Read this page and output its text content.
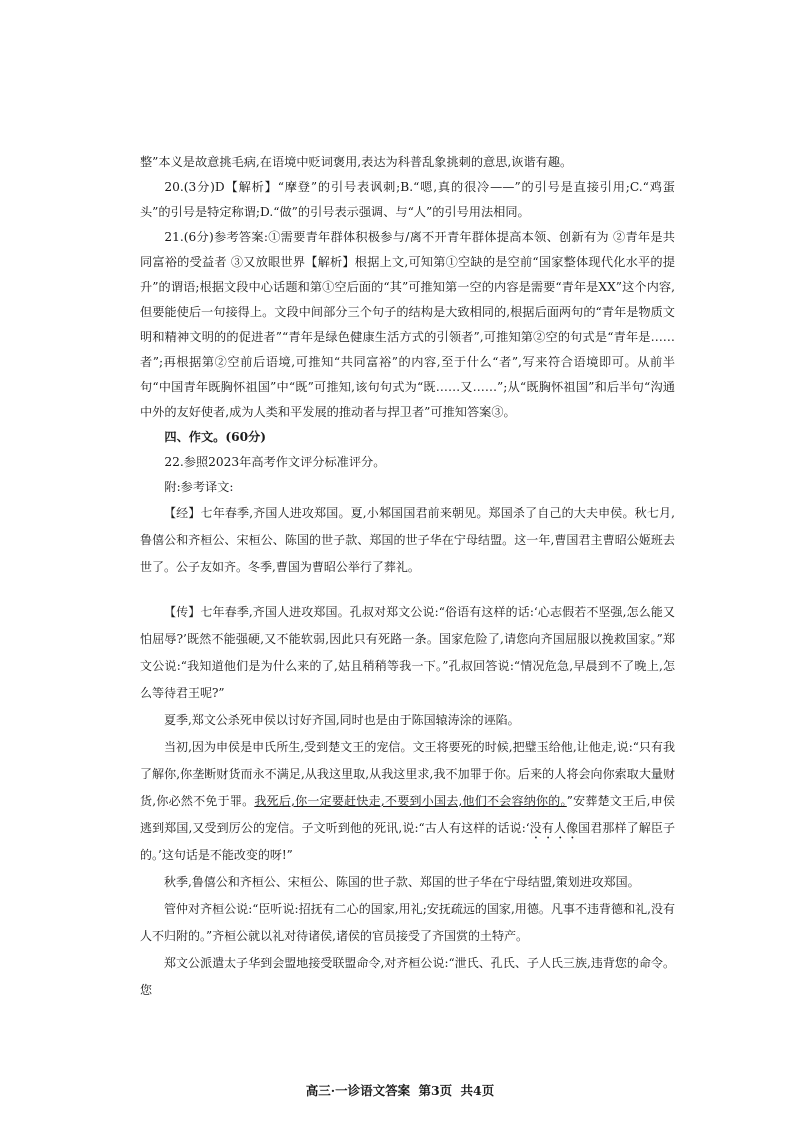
整”本义是故意挑毛病,在语境中贬词褒用,表达为科普乱象挑刺的意思,诙谐有趣。

20.(3分)D【解析】“摩登”的引号表讽刺;B.“嗯,真的很冷——”的引号是直接引用;C.“鸡蛋头”的引号是特定称谓;D.“做”的引号表示强调、与“人”的引号用法相同。

21.(6分)参考答案:①需要青年群体积极参与/离不开青年群体提高本领、创新有为 ②青年是共同富裕的受益者 ③又放眼世界【解析】根据上文,可知第①空缺的是空前“国家整体现代化水平的提升”的谓语;根据文段中心话题和第①空后面的“其”可推知第一空的内容是需要“青年是XX”这个内容,但要能使后一句接得上。文段中间部分三个句子的结构是大致相同的,根据后面两句的“青年是物质文明和精神文明的的促进者”“青年是绿色健康生活方式的引领者”,可推知第②空的句式是“青年是……者”;再根据第②空前后语境,可推知“共同富裕”的内容,至于什么“者”,写来符合语境即可。从前半句“中国青年既胸怀祖国”中“既”可推知,该句句式为“既……又……”;从“既胸怀祖国”和后半句“沟通中外的友好使者,成为人类和平发展的推动者与捍卫者”可推知答案③。

四、作文。(60分)

22.参照2023年高考作文评分标准评分。

附:参考译文:

【经】七年春季,齐国人进攻郑国。夏,小邾国国君前来朝见。郑国杀了自己的大夫申侯。秋七月,鲁僖公和齐桓公、宋桓公、陈国的世子款、郑国的世子华在宁母结盟。这一年,曹国君主曹昭公姬班去世了。公子友如齐。冬季,曹国为曹昭公举行了葬礼。

【传】七年春季,齐国人进攻郑国。孔叔对郑文公说:“俗语有这样的话:‘心志假若不坚强,怎么能又怕屈辱?’既然不能强硬,又不能软弱,因此只有死路一条。国家危险了,请您向齐国屈服以挽救国家。”郑文公说:“我知道他们是为什么来的了,姑且稍稍等我一下。”孔叔回答说:“情况危急,早晨到不了晚上,怎么等待君王呢?”

夏季,郑文公杀死申侯以讨好齐国,同时也是由于陈国辕涛涂的诬陷。

当初,因为申侯是申氏所生,受到楚文王的宠信。文王将要死的时候,把璧玉给他,让他走,说:“只有我了解你,你垄断财货而永不满足,从我这里取,从我这里求,我不加罪于你。后来的人将会向你索取大量财货,你必然不免于罪。我死后,你一定要赶快走,不要到小国去,他们不会容纳你的。”安葬楚文王后,申侯逃到郑国,又受到厉公的宠信。子文听到他的死讯,说:“古人有这样的话说:‘没有人像国君那样了解臣子的。’这句话是不能改变的呀!”

秋季,鲁僖公和齐桓公、宋桓公、陈国的世子款、郑国的世子华在宁母结盟,策划进攻郑国。

管仲对齐桓公说:“臣听说:招抚有二心的国家,用礼;安抚疏远的国家,用德。凡事不违背德和礼,没有人不归附的。”齐桓公就以礼对待诸侯,诸侯的官员接受了齐国赏的土特产。

郑文公派遣太子华到会盟地接受联盟命令,对齐桓公说:“泄氏、孔氏、子人氏三族,违背您的命令。您

高三·一诊语文答案 第3页 共4页
